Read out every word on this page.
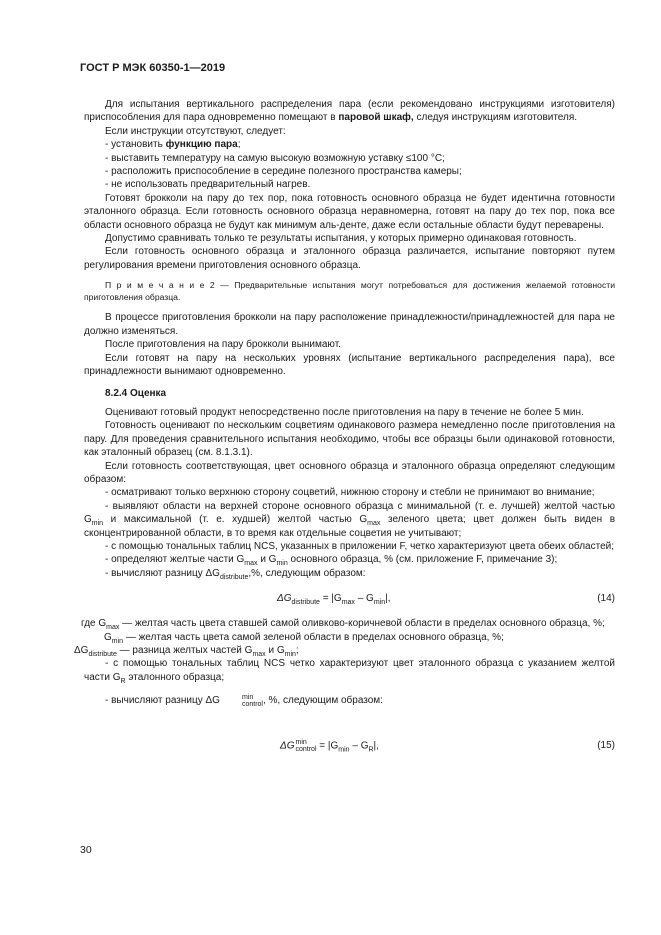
ГОСТ Р МЭК 60350-1—2019

Для испытания вертикального распределения пара (если рекомендовано инструкциями изготовителя) приспособления для пара одновременно помещают в паровой шкаф, следуя инструкциям изготовителя.

Если инструкции отсутствуют, следует:

- установить функцию пара;

- выставить температуру на самую высокую возможную уставку ≤100 °C;

- расположить приспособление в середине полезного пространства камеры;

- не использовать предварительный нагрев.

Готовят брокколи на пару до тех пор, пока готовность основного образца не будет идентична готовности эталонного образца. Если готовность основного образца неравномерна, готовят на пару до тех пор, пока все области основного образца не будут как минимум аль-денте, даже если остальные области будут переварены.

Допустимо сравнивать только те результаты испытания, у которых примерно одинаковая готовность.

Если готовность основного образца и эталонного образца различается, испытание повторяют путем регулирования времени приготовления основного образца.

П р и м е ч а н и е 2 — Предварительные испытания могут потребоваться для достижения желаемой готовности приготовления образца.

В процессе приготовления брокколи на пару расположение принадлежности/принадлежностей для пара не должно изменяться.

После приготовления на пару брокколи вынимают.

Если готовят на пару на нескольких уровнях (испытание вертикального распределения пара), все принадлежности вынимают одновременно.

8.2.4 Оценка

Оценивают готовый продукт непосредственно после приготовления на пару в течение не более 5 мин.

Готовность оценивают по нескольким соцветиям одинакового размера немедленно после приготовления на пару. Для проведения сравнительного испытания необходимо, чтобы все образцы были одинаковой готовности, как эталонный образец (см. 8.1.3.1).

Если готовность соответствующая, цвет основного образца и эталонного образца определяют следующим образом:

- осматривают только верхнюю сторону соцветий, нижнюю сторону и стебли не принимают во внимание;

- выявляют области на верхней стороне основного образца с минимальной (т. е. лучшей) желтой частью $G_{min}$ и максимальной (т. е. худшей) желтой частью $G_{max}$ зеленого цвета; цвет должен быть виден в сконцентрированной области, в то время как отдельные соцветия не учитывают;

- с помощью тональных таблиц NCS, указанных в приложении F, четко характеризуют цвета обеих областей;

- определяют желтые части $G_{max}$ и $G_{min}$ основного образца, % (см. приложение F, примечание 3);

- вычисляют разницу $\Delta G_{distribute},\%$, следующим образом:

$\Delta G_{distribute} = |G_{max} - G_{min}|$,	(14)

где $G_{max}$ — желтая часть цвета ставшей самой оливково-коричневой области в пределах основного образца, %;

$G_{min}$ — желтая часть цвета самой зеленой области в пределах основного образца, %;

$\Delta G_{distribute}$ — разница желтых частей $G_{max}$ и $G_{min}$;

- с помощью тональных таблиц NCS четко характеризуют цвет эталонного образца с указанием желтой части $G_R$ эталонного образца;

- вычисляют разницу ΔG	min
control , %, следующим образом:

ΔG min
control = $|G_{min} - G_R|$,	(15)
30
